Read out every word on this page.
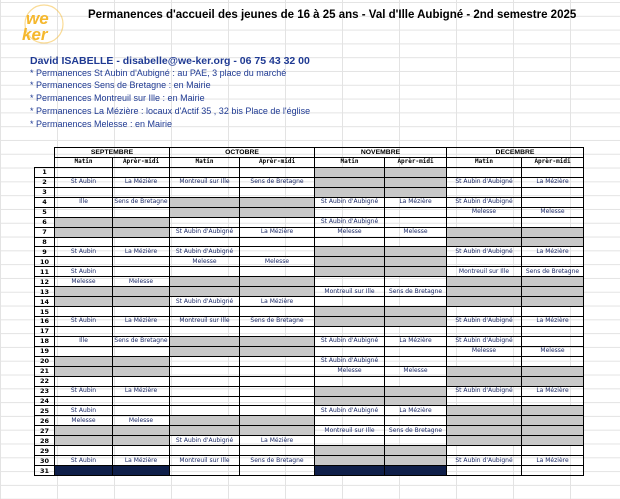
we
ker
Permanences d'accueil des jeunes de 16 à 25 ans - Val d'Ille Aubigné - 2nd semestre 2025
David ISABELLE - disabelle@we-ker.org - 06 75 43 32 00
* Permanences St Aubin d'Aubigné : au PAE, 3 place du marché
* Permanences Sens de Bretagne : en Mairie
* Permanences Montreuil sur Ille : en Mairie
* Permanences La Mézière : locaux d'Actif 35 , 32 bis Place de l'église
* Permanences Melesse : en Mairie
	SEPTEMBRE		OCTOBRE		NOVEMBRE		DECEMBRE	
	Matin	Aprèr-midi	Matin	Aprèr-midi	Matin	Aprèr-midi	Matin	Aprèr-midi
1								
2	St Aubin	La Mézière	Montreuil sur Ille	Sens de Bretagne			St Aubin d'Aubigné	La Mézière
3								
4	Ille	Sens de Bretagne			St Aubin d'Aubigné	La Mézière	St Aubin d'Aubigné	
5							Melesse	Melesse
6					St Aubin d'Aubigné			
7			St Aubin d'Aubigné	La Mézière	Melesse	Melesse		
8								
9	St Aubin	La Mézière	St Aubin d'Aubigné				St Aubin d'Aubigné	La Mézière
10			Melesse	Melesse				
11	St Aubin						Montreuil sur Ille	Sens de Bretagne
12	Melesse	Melesse						
13					Montreuil sur Ille	Sens de Bretagne		
14			St Aubin d'Aubigné	La Mézière				
15								
16	St Aubin	La Mézière	Montreuil sur Ille	Sens de Bretagne			St Aubin d'Aubigné	La Mézière
17								
18	Ille	Sens de Bretagne			St Aubin d'Aubigné	La Mézière	St Aubin d'Aubigné	
19							Melesse	Melesse
20					St Aubin d'Aubigné			
21					Melesse	Melesse		
22								
23	St Aubin	La Mézière					St Aubin d'Aubigné	La Mézière
24								
25	St Aubin				St Aubin d'Aubigné	La Mézière		
26	Melesse	Melesse						
27					Montreuil sur Ille	Sens de Bretagne		
28			St Aubin d'Aubigné	La Mézière				
29								
30	St Aubin	La Mézière	Montreuil sur Ille	Sens de Bretagne			St Aubin d'Aubigné	La Mézière
31								
